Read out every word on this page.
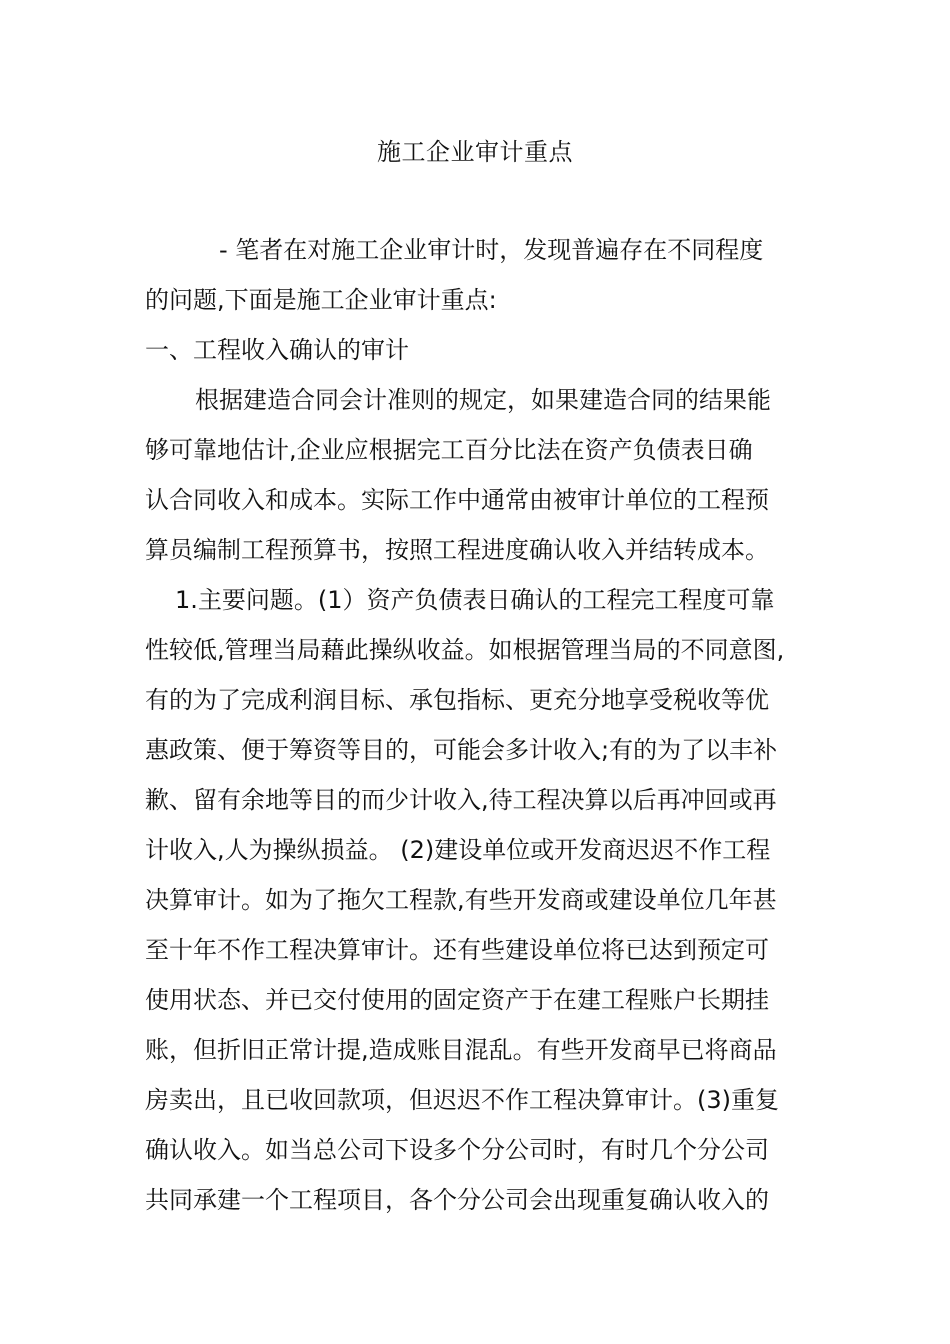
施工企业审计重点
- 笔者在对施工企业审计时，发现普遍存在不同程度
的问题,下面是施工企业审计重点:
一、工程收入确认的审计
根据建造合同会计准则的规定，如果建造合同的结果能
够可靠地估计,企业应根据完工百分比法在资产负债表日确
认合同收入和成本。实际工作中通常由被审计单位的工程预
算员编制工程预算书，按照工程进度确认收入并结转成本。
1.主要问题。(1）资产负债表日确认的工程完工程度可靠
性较低,管理当局藉此操纵收益。如根据管理当局的不同意图,
有的为了完成利润目标、承包指标、更充分地享受税收等优
惠政策、便于筹资等目的，可能会多计收入;有的为了以丰补
歉、留有余地等目的而少计收入,待工程决算以后再冲回或再
计收入,人为操纵损益。 (2)建设单位或开发商迟迟不作工程
决算审计。如为了拖欠工程款,有些开发商或建设单位几年甚
至十年不作工程决算审计。还有些建设单位将已达到预定可
使用状态、并已交付使用的固定资产于在建工程账户长期挂
账，但折旧正常计提,造成账目混乱。有些开发商早已将商品
房卖出，且已收回款项，但迟迟不作工程决算审计。(3)重复
确认收入。如当总公司下设多个分公司时，有时几个分公司
共同承建一个工程项目，各个分公司会出现重复确认收入的
